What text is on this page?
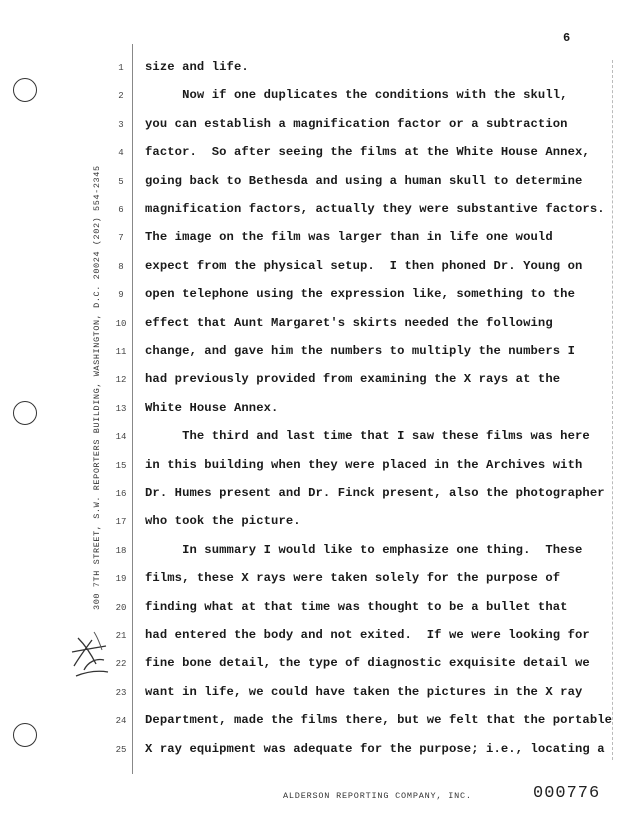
300 7TH STREET, S.W. REPORTERS BUILDING, WASHINGTON, D.C. 20024 (202) 554-2345
6
1	size and life.
2	Now if one duplicates the conditions with the skull,
3	you can establish a magnification factor or a subtraction
4	factor.  So after seeing the films at the White House Annex,
5	going back to Bethesda and using a human skull to determine
6	magnification factors, actually they were substantive factors.
7	The image on the film was larger than in life one would
8	expect from the physical setup.  I then phoned Dr. Young on
9	open telephone using the expression like, something to the
10 effect that Aunt Margaret's skirts needed the following
11 change, and gave him the numbers to multiply the numbers I
12 had previously provided from examining the X rays at the
13 White House Annex.
14 The third and last time that I saw these films was here
15 in this building when they were placed in the Archives with
16 Dr. Humes present and Dr. Finck present, also the photographer
17 who took the picture.
18 In summary I would like to emphasize one thing.  These
19 films, these X rays were taken solely for the purpose of
20 finding what at that time was thought to be a bullet that
21 had entered the body and not exited.  If we were looking for
22 fine bone detail, the type of diagnostic exquisite detail we
23 want in life, we could have taken the pictures in the X ray
24 Department, made the films there, but we felt that the portable
25 X ray equipment was adequate for the purpose; i.e., locating a
ALDERSON REPORTING COMPANY, INC.	000776
